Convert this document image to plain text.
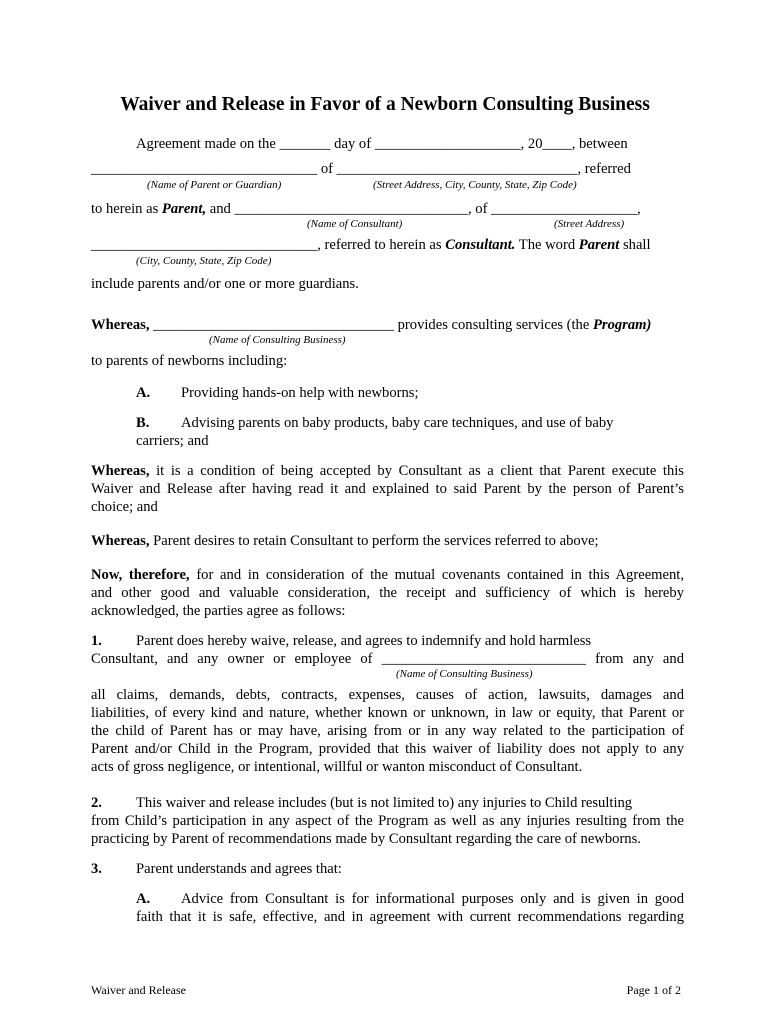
Waiver and Release in Favor of a Newborn Consulting Business
Agreement made on the _______ day of ____________________, 20____, between
_______________________________ of _________________________________, referred
(Name of Parent or Guardian)	(Street Address, City, County, State, Zip Code)
to herein as Parent, and ________________________________, of ____________________,
(Name of Consultant)	(Street Address)
_______________________________, referred to herein as Consultant. The word Parent shall
(City, County, State, Zip Code)
include parents and/or one or more guardians.
Whereas, _________________________________ provides consulting services (the Program)
(Name of Consulting Business)
to parents of newborns including:
A. Providing hands-on help with newborns;
B. Advising parents on baby products, baby care techniques, and use of baby
carriers; and
Whereas, it is a condition of being accepted by Consultant as a client that Parent execute this
Waiver and Release after having read it and explained to said Parent by the person of Parent’s
choice; and
Whereas, Parent desires to retain Consultant to perform the services referred to above;
Now, therefore, for and in consideration of the mutual covenants contained in this Agreement,
and other good and valuable consideration, the receipt and sufficiency of which is hereby
acknowledged, the parties agree as follows:
1. Parent does hereby waive, release, and agrees to indemnify and hold harmless
Consultant, and any owner or employee of ____________________________ from any and
(Name of Consulting Business)
all claims, demands, debts, contracts, expenses, causes of action, lawsuits, damages and
liabilities, of every kind and nature, whether known or unknown, in law or equity, that Parent or
the child of Parent has or may have, arising from or in any way related to the participation of
Parent and/or Child in the Program, provided that this waiver of liability does not apply to any
acts of gross negligence, or intentional, willful or wanton misconduct of Consultant.
2. This waiver and release includes (but is not limited to) any injuries to Child resulting
from Child’s participation in any aspect of the Program as well as any injuries resulting from the
practicing by Parent of recommendations made by Consultant regarding the care of newborns.
3. Parent understands and agrees that:
A. Advice from Consultant is for informational purposes only and is given in good
faith that it is safe, effective, and in agreement with current recommendations regarding
Waiver and Release	Page 1 of 2
